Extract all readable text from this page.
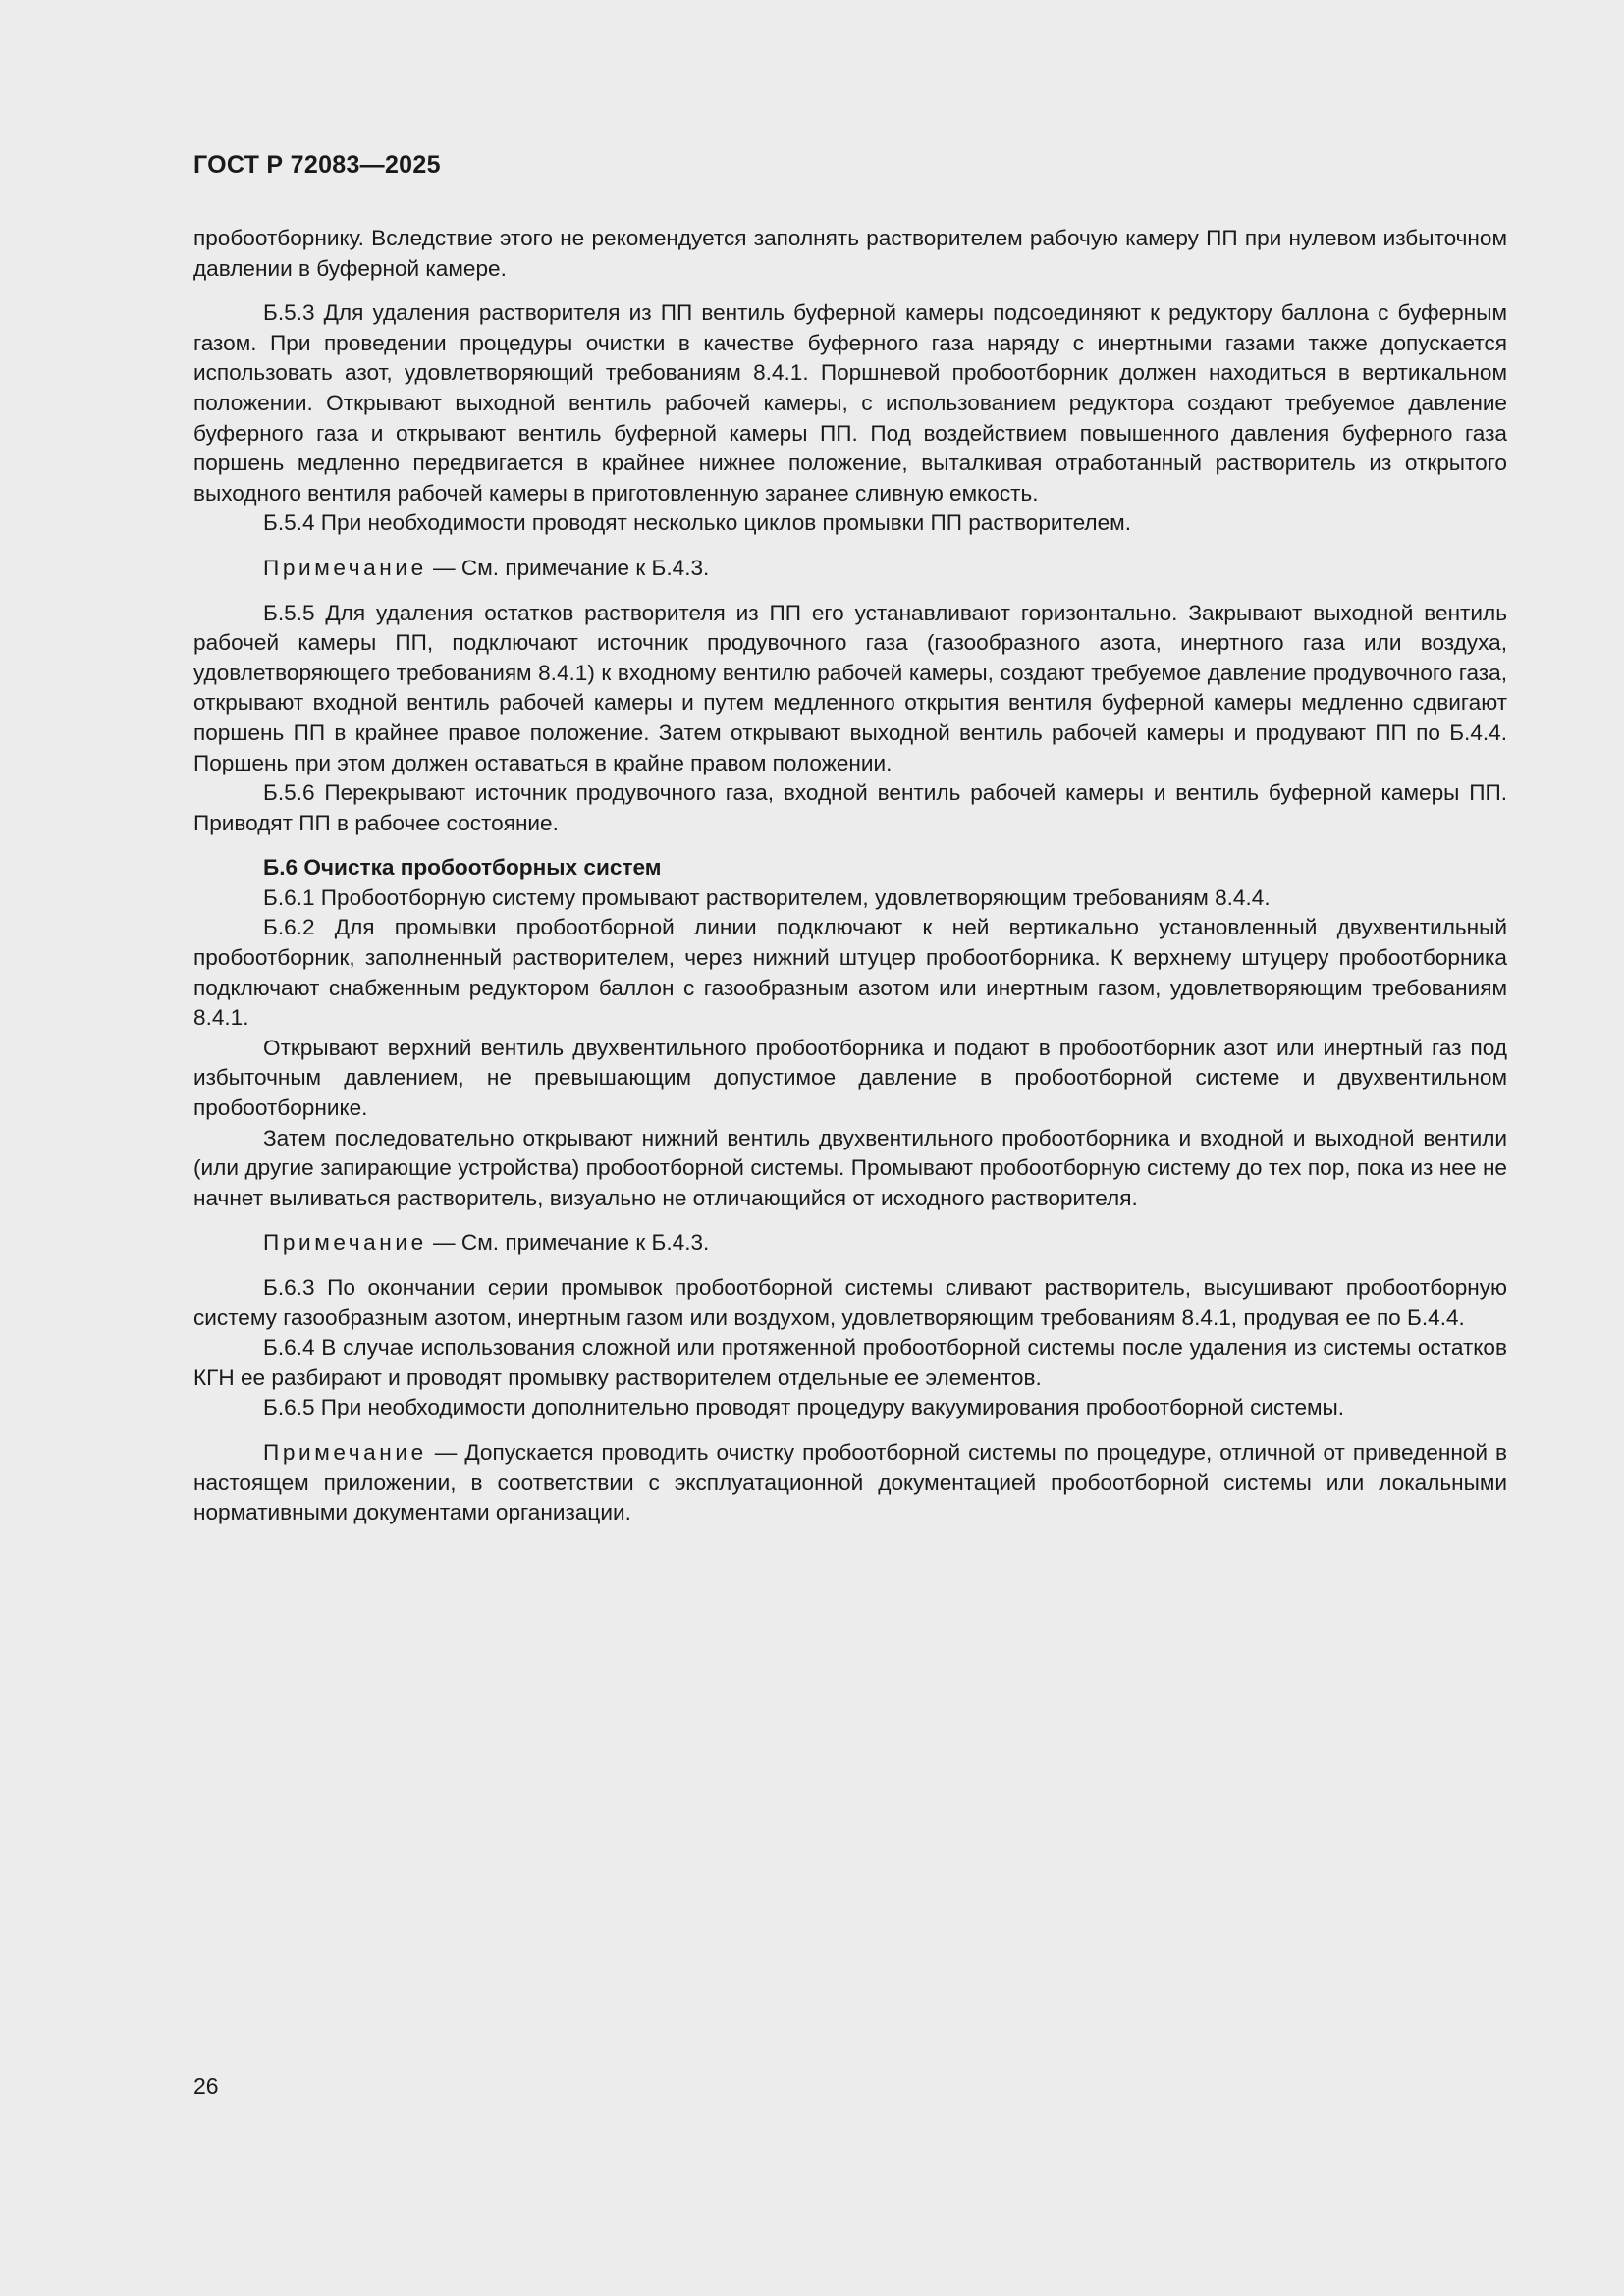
ГОСТ Р 72083—2025

пробоотборнику. Вследствие этого не рекомендуется заполнять растворителем рабочую камеру ПП при нулевом избыточном давлении в буферной камере.

Б.5.3 Для удаления растворителя из ПП вентиль буферной камеры подсоединяют к редуктору баллона с буферным газом. При проведении процедуры очистки в качестве буферного газа наряду с инертными газами также допускается использовать азот, удовлетворяющий требованиям 8.4.1. Поршневой пробоотборник должен находиться в вертикальном положении. Открывают выходной вентиль рабочей камеры, с использованием редуктора создают требуемое давление буферного газа и открывают вентиль буферной камеры ПП. Под воздействием повышенного давления буферного газа поршень медленно передвигается в крайнее нижнее положение, выталкивая отработанный растворитель из открытого выходного вентиля рабочей камеры в приготовленную заранее сливную емкость.

Б.5.4 При необходимости проводят несколько циклов промывки ПП растворителем.

Примечание — См. примечание к Б.4.3.

Б.5.5 Для удаления остатков растворителя из ПП его устанавливают горизонтально. Закрывают выходной вентиль рабочей камеры ПП, подключают источник продувочного газа (газообразного азота, инертного газа или воздуха, удовлетворяющего требованиям 8.4.1) к входному вентилю рабочей камеры, создают требуемое давление продувочного газа, открывают входной вентиль рабочей камеры и путем медленного открытия вентиля буферной камеры медленно сдвигают поршень ПП в крайнее правое положение. Затем открывают выходной вентиль рабочей камеры и продувают ПП по Б.4.4. Поршень при этом должен оставаться в крайне правом положении.

Б.5.6 Перекрывают источник продувочного газа, входной вентиль рабочей камеры и вентиль буферной камеры ПП. Приводят ПП в рабочее состояние.

Б.6 Очистка пробоотборных систем

Б.6.1 Пробоотборную систему промывают растворителем, удовлетворяющим требованиям 8.4.4.

Б.6.2 Для промывки пробоотборной линии подключают к ней вертикально установленный двухвентильный пробоотборник, заполненный растворителем, через нижний штуцер пробоотборника. К верхнему штуцеру пробоотборника подключают снабженным редуктором баллон с газообразным азотом или инертным газом, удовлетворяющим требованиям 8.4.1.

Открывают верхний вентиль двухвентильного пробоотборника и подают в пробоотборник азот или инертный газ под избыточным давлением, не превышающим допустимое давление в пробоотборной системе и двухвентильном пробоотборнике.

Затем последовательно открывают нижний вентиль двухвентильного пробоотборника и входной и выходной вентили (или другие запирающие устройства) пробоотборной системы. Промывают пробоотборную систему до тех пор, пока из нее не начнет выливаться растворитель, визуально не отличающийся от исходного растворителя.

Примечание — См. примечание к Б.4.3.

Б.6.3 По окончании серии промывок пробоотборной системы сливают растворитель, высушивают пробоотборную систему газообразным азотом, инертным газом или воздухом, удовлетворяющим требованиям 8.4.1, продувая ее по Б.4.4.

Б.6.4 В случае использования сложной или протяженной пробоотборной системы после удаления из системы остатков КГН ее разбирают и проводят промывку растворителем отдельные ее элементов.

Б.6.5 При необходимости дополнительно проводят процедуру вакуумирования пробоотборной системы.

Примечание — Допускается проводить очистку пробоотборной системы по процедуре, отличной от приведенной в настоящем приложении, в соответствии с эксплуатационной документацией пробоотборной системы или локальными нормативными документами организации.

26
